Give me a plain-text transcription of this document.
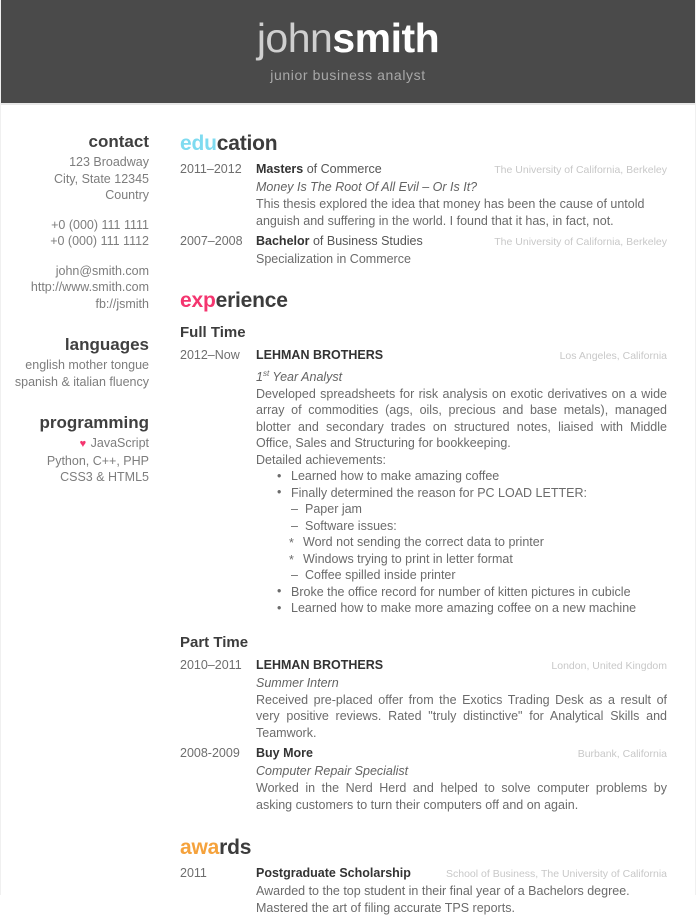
johnsmith
junior business analyst
contact
123 Broadway
City, State 12345
Country
+0 (000) 111 1111
+0 (000) 111 1112
john@smith.com
http://www.smith.com
fb://jsmith
languages
english mother tongue
spanish & italian fluency
programming
♥ JavaScript
Python, C++, PHP
CSS3 & HTML5
education
2011–2012	Masters of Commerce	The University of California, Berkeley
Money Is The Root Of All Evil – Or Is It?
This thesis explored the idea that money has been the cause of untold anguish and suffering in the world. I found that it has, in fact, not.
2007–2008	Bachelor of Business Studies	The University of California, Berkeley
Specialization in Commerce
experience
Full Time
2012–Now	LEHMAN BROTHERS	Los Angeles, California
1st Year Analyst
Developed spreadsheets for risk analysis on exotic derivatives on a wide array of commodities (ags, oils, precious and base metals), managed blotter and secondary trades on structured notes, liaised with Middle Office, Sales and Structuring for bookkeeping.
Detailed achievements:
• Learned how to make amazing coffee
• Finally determined the reason for PC LOAD LETTER:
– Paper jam
– Software issues:
* Word not sending the correct data to printer
* Windows trying to print in letter format
– Coffee spilled inside printer
• Broke the office record for number of kitten pictures in cubicle
• Learned how to make more amazing coffee on a new machine
Part Time
2010–2011	LEHMAN BROTHERS	London, United Kingdom
Summer Intern
Received pre-placed offer from the Exotics Trading Desk as a result of very positive reviews. Rated "truly distinctive" for Analytical Skills and Teamwork.
2008-2009	Buy More	Burbank, California
Computer Repair Specialist
Worked in the Nerd Herd and helped to solve computer problems by asking customers to turn their computers off and on again.
awards
2011	Postgraduate Scholarship	School of Business, The University of California
Awarded to the top student in their final year of a Bachelors degree. Mastered the art of filing accurate TPS reports.
